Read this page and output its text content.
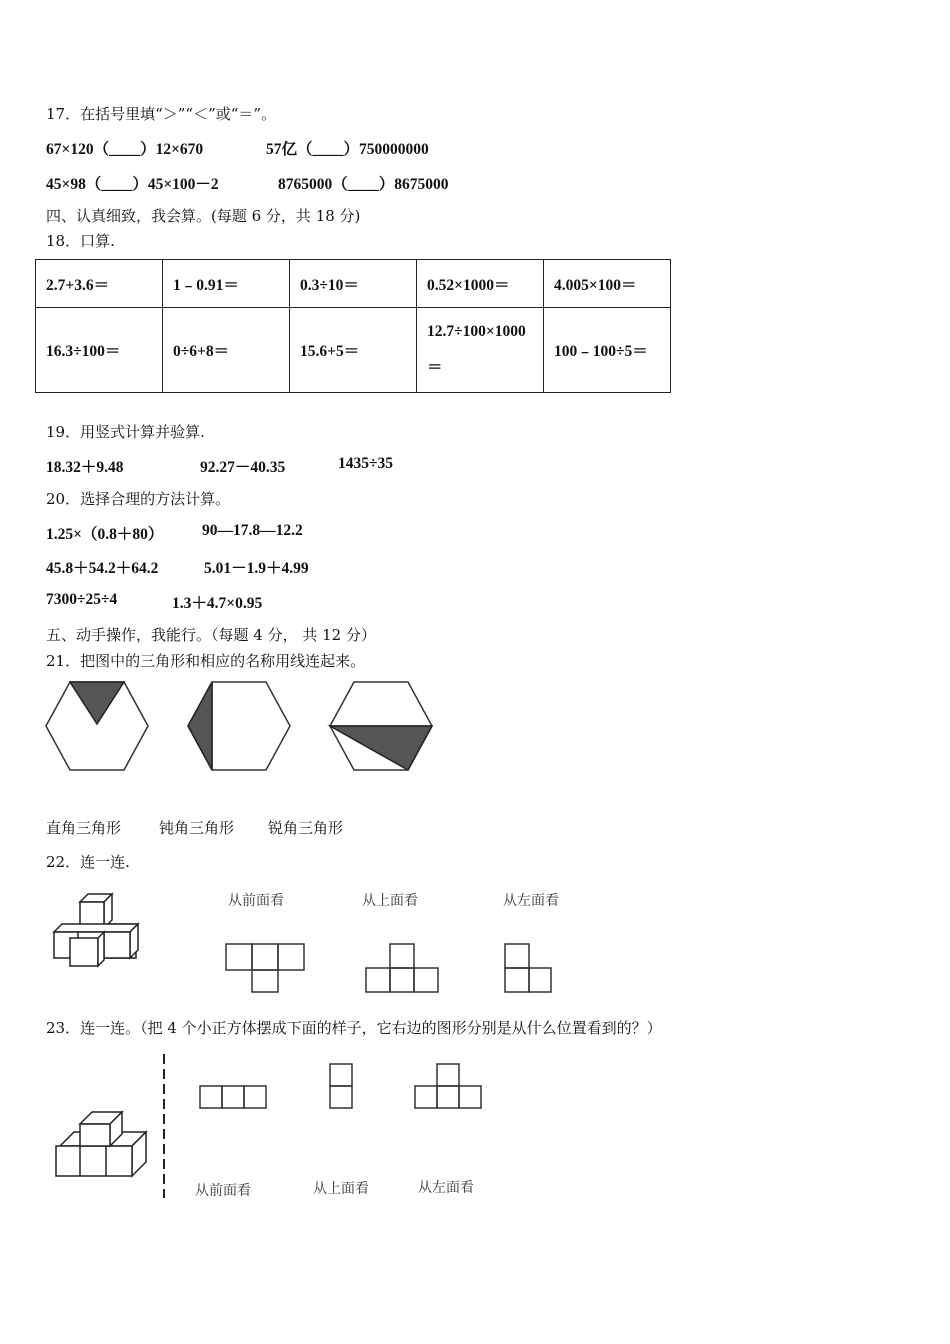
17．在括号里填“＞”“＜”或“＝”。
67×120（____）12×670	57亿（____）750000000
45×98（____）45×100－2	8765000（____）8675000
四、认真细致，我会算。(每题 6 分，共 18 分)
18．口算.
2.7+3.6＝	1﹣0.91＝	0.3÷10＝	0.52×1000＝	4.005×100＝
16.3÷100＝	0÷6+8＝	15.6+5＝	12.7÷100×1000＝	100﹣100÷5＝
19．用竖式计算并验算.
18.32＋9.48	92.27－40.35	1435÷35
20．选择合理的方法计算。
1.25×（0.8＋80） 90—17.8—12.2
45.8＋54.2＋64.2	5.01－1.9＋4.99
7300÷25÷4	1.3＋4.7×0.95
五、动手操作，我能行。（每题 4 分， 共 12 分）
21．把图中的三角形和相应的名称用线连起来。
直角三角形	钝角三角形 锐角三角形
22．连一连.
从前面看	从上面看	从左面看
23．连一连。（把 4 个小正方体摆成下面的样子，它右边的图形分别是从什么位置看到的？）
从前面看	从上面看	从左面看
